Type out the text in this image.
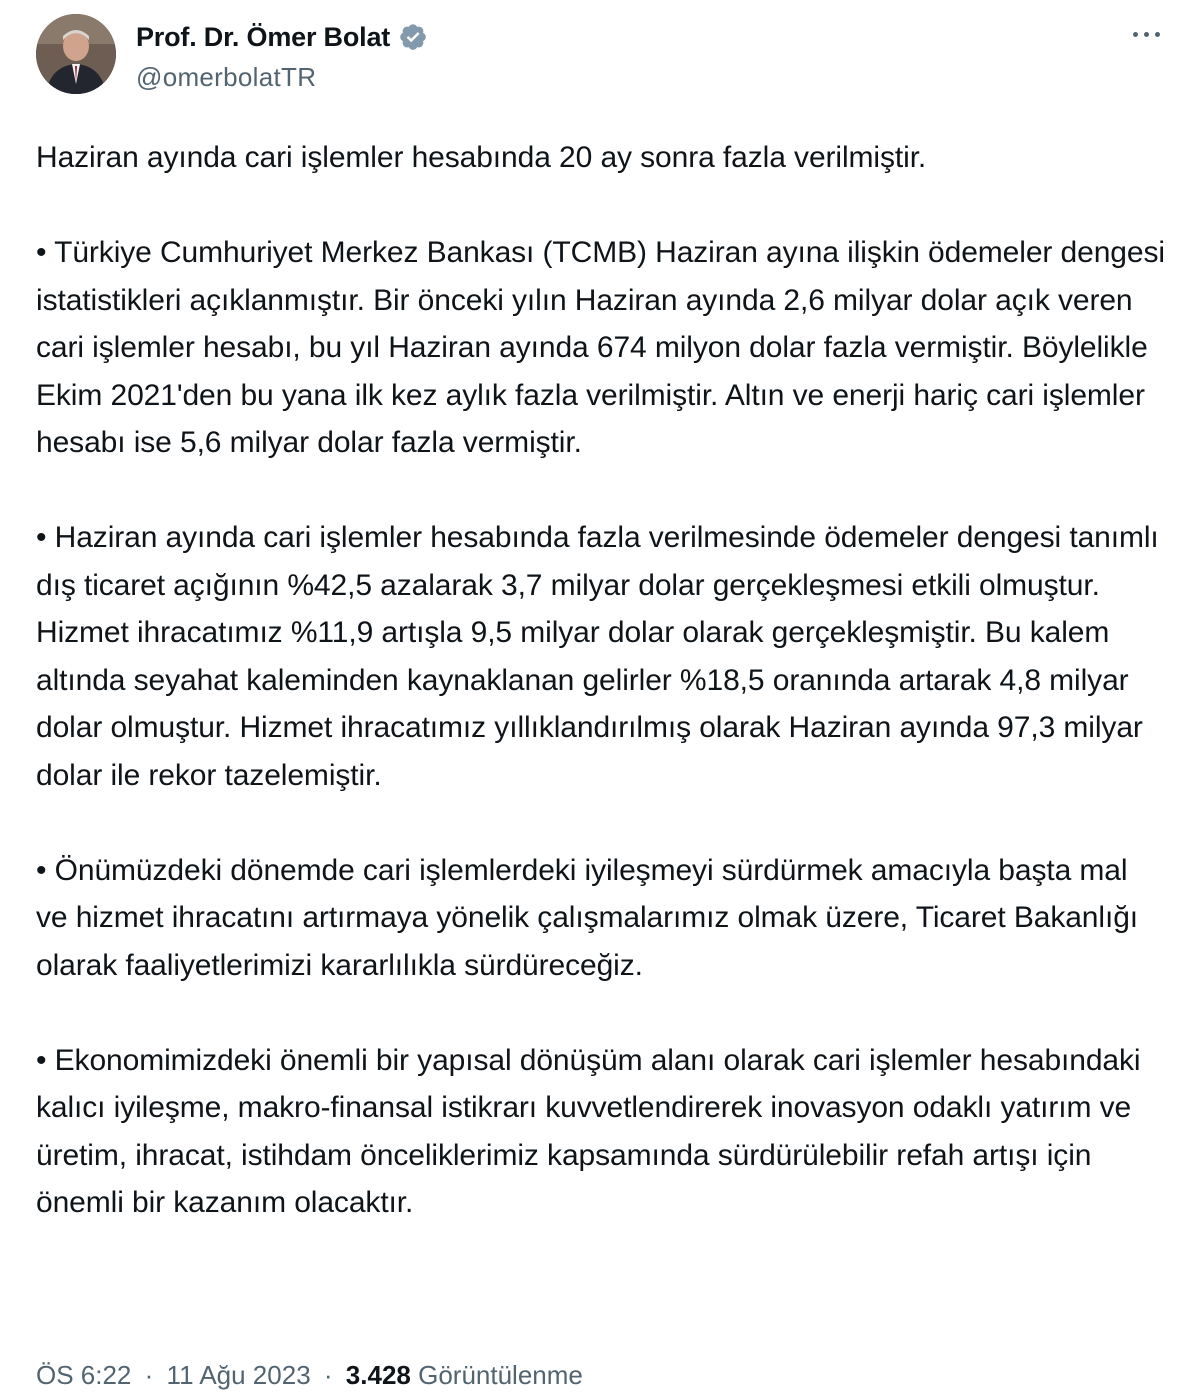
Prof. Dr. Ömer Bolat
@omerbolatTR

Haziran ayında cari işlemler hesabında 20 ay sonra fazla verilmiştir.

• Türkiye Cumhuriyet Merkez Bankası (TCMB) Haziran ayına ilişkin ödemeler dengesi istatistikleri açıklanmıştır. Bir önceki yılın Haziran ayında 2,6 milyar dolar açık veren cari işlemler hesabı, bu yıl Haziran ayında 674 milyon dolar fazla vermiştir. Böylelikle Ekim 2021'den bu yana ilk kez aylık fazla verilmiştir. Altın ve enerji hariç cari işlemler hesabı ise 5,6 milyar dolar fazla vermiştir.

• Haziran ayında cari işlemler hesabında fazla verilmesinde ödemeler dengesi tanımlı dış ticaret açığının %42,5 azalarak 3,7 milyar dolar gerçekleşmesi etkili olmuştur. Hizmet ihracatımız %11,9 artışla 9,5 milyar dolar olarak gerçekleşmiştir. Bu kalem altında seyahat kaleminden kaynaklanan gelirler %18,5 oranında artarak 4,8 milyar dolar olmuştur. Hizmet ihracatımız yıllıklandırılmış olarak Haziran ayında 97,3 milyar dolar ile rekor tazelemiştir.

• Önümüzdeki dönemde cari işlemlerdeki iyileşmeyi sürdürmek amacıyla başta mal ve hizmet ihracatını artırmaya yönelik çalışmalarımız olmak üzere, Ticaret Bakanlığı olarak faaliyetlerimizi kararlılıkla sürdüreceğiz.

• Ekonomimizdeki önemli bir yapısal dönüşüm alanı olarak cari işlemler hesabındaki kalıcı iyileşme, makro-finansal istikrarı kuvvetlendirerek inovasyon odaklı yatırım ve üretim, ihracat, istihdam önceliklerimiz kapsamında sürdürülebilir refah artışı için önemli bir kazanım olacaktır.

ÖS 6:22 · 11 Ağu 2023 · 3.428 Görüntülenme
